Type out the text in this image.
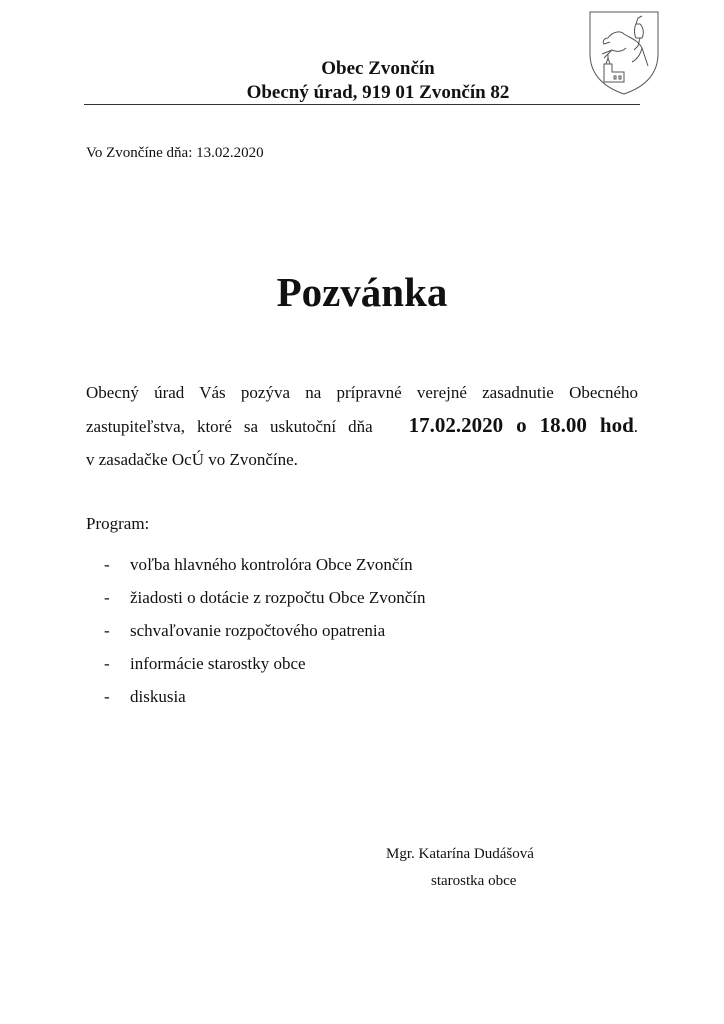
Obec Zvončín
Obecný úrad, 919 01 Zvončín 82
Vo Zvončíne dňa: 13.02.2020
Pozvánka
Obecný úrad Vás pozýva na prípravné verejné zasadnutie Obecného
zastupiteľstva, ktoré sa uskutoční dňa 17.02.2020 o 18.00 hod.
v zasadačke OcÚ vo Zvončíne.
Program:
-	voľba hlavného kontrolóra Obce Zvončín
-	žiadosti o dotácie z rozpočtu Obce Zvončín
-	schvaľovanie rozpočtového opatrenia
-	informácie starostky obce
-	diskusia
Mgr. Katarína Dudášová
starostka obce
